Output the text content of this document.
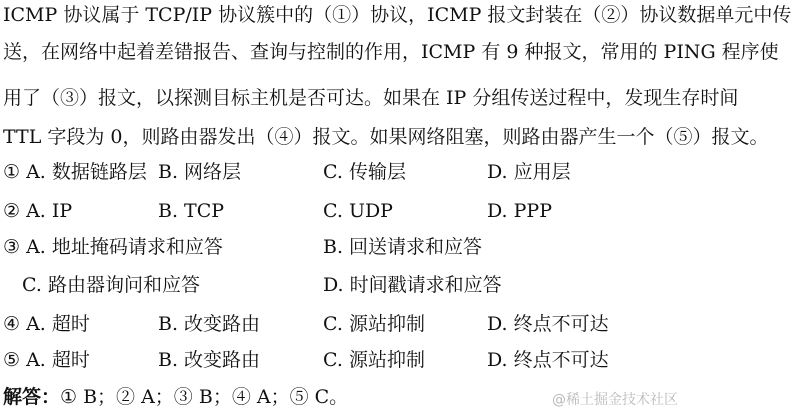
ICMP 协议属于 TCP/IP 协议簇中的（①）协议，ICMP 报文封装在（②）协议数据单元中传
送，在网络中起着差错报告、查询与控制的作用，ICMP 有 9 种报文，常用的 PING 程序使
用了（③）报文，以探测目标主机是否可达。如果在 IP 分组传送过程中，发现生存时间
TTL 字段为 0，则路由器发出（④）报文。如果网络阻塞，则路由器产生一个（⑤）报文。
① A. 数据链路层 B. 网络层	C. 传输层	D. 应用层
② A. IP	B. TCP	C. UDP	D. PPP
③ A. 地址掩码请求和应答	B. 回送请求和应答
C. 路由器询问和应答	D. 时间戳请求和应答
④ A. 超时	B. 改变路由	C. 源站抑制	D. 终点不可达
⑤ A. 超时	B. 改变路由	C. 源站抑制	D. 终点不可达
解答：① B；② A；③ B；④ A；⑤ C。	@稀土掘金技术社区
